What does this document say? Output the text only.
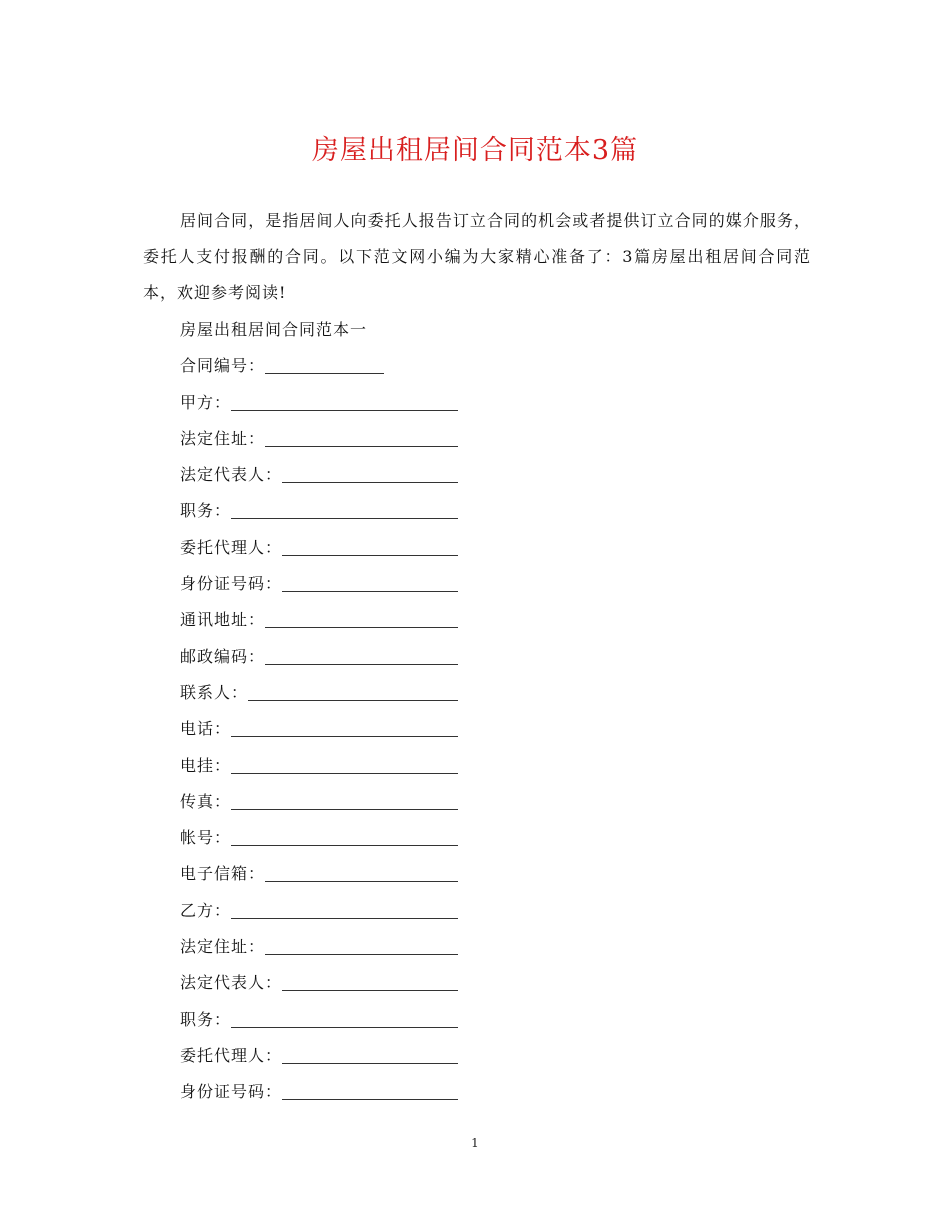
房屋出租居间合同范本3篇
居间合同，是指居间人向委托人报告订立合同的机会或者提供订立合同的媒介服务，委托人支付报酬的合同。以下范文网小编为大家精心准备了：3篇房屋出租居间合同范本，欢迎参考阅读!
房屋出租居间合同范本一
合同编号：
甲方：
法定住址：
法定代表人：
职务：
委托代理人：
身份证号码：
通讯地址：
邮政编码：
联系人：
电话：
电挂：
传真：
帐号：
电子信箱：
乙方：
法定住址：
法定代表人：
职务：
委托代理人：
身份证号码：
1
